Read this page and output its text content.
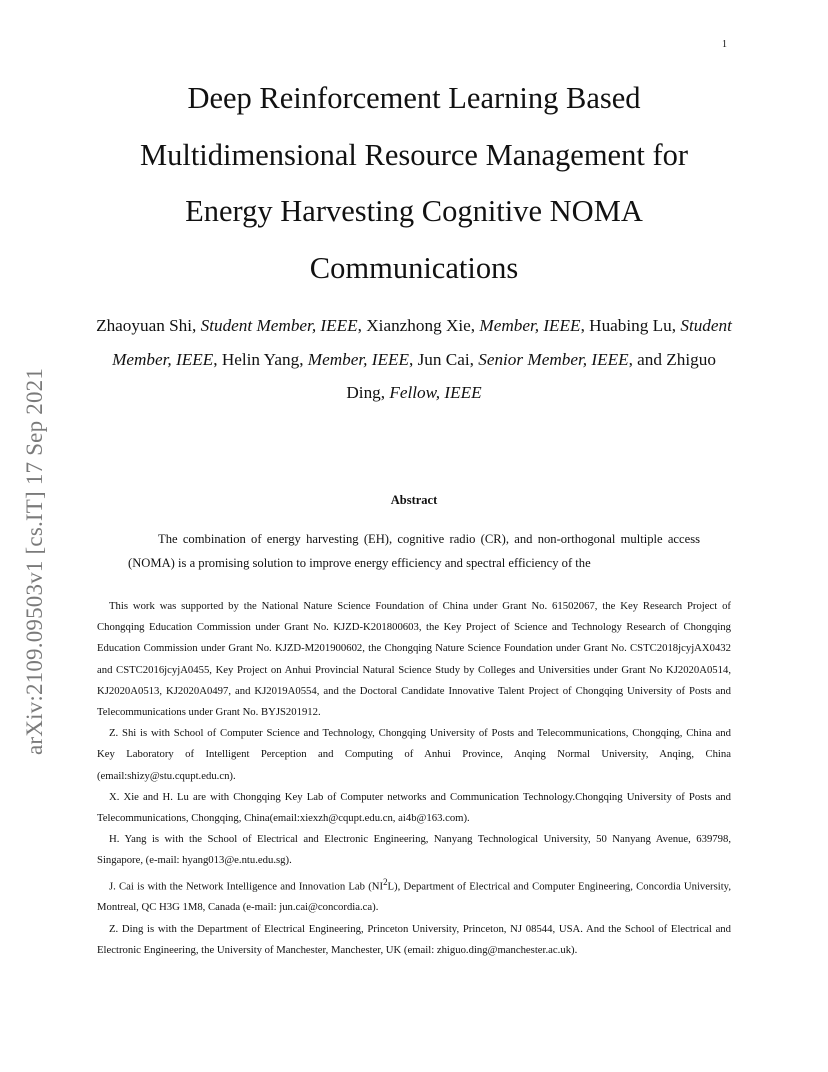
1
arXiv:2109.09503v1 [cs.IT] 17 Sep 2021
Deep Reinforcement Learning Based
Multidimensional Resource Management for
Energy Harvesting Cognitive NOMA
Communications
Zhaoyuan Shi, Student Member, IEEE, Xianzhong Xie, Member, IEEE, Huabing Lu, Student Member, IEEE, Helin Yang, Member, IEEE, Jun Cai, Senior Member, IEEE, and Zhiguo Ding, Fellow, IEEE
Abstract
The combination of energy harvesting (EH), cognitive radio (CR), and non-orthogonal multiple access (NOMA) is a promising solution to improve energy efficiency and spectral efficiency of the

This work was supported by the National Nature Science Foundation of China under Grant No. 61502067, the Key Research Project of Chongqing Education Commission under Grant No. KJZD-K201800603, the Key Project of Science and Technology Research of Chongqing Education Commission under Grant No. KJZD-M201900602, the Chongqing Nature Science Foundation under Grant No. CSTC2018jcyjAX0432 and CSTC2016jcyjA0455, Key Project on Anhui Provincial Natural Science Study by Colleges and Universities under Grant No KJ2020A0514, KJ2020A0513, KJ2020A0497, and KJ2019A0554, and the Doctoral Candidate Innovative Talent Project of Chongqing University of Posts and Telecommunications under Grant No. BYJS201912.

Z. Shi is with School of Computer Science and Technology, Chongqing University of Posts and Telecommunications, Chongqing, China and Key Laboratory of Intelligent Perception and Computing of Anhui Province, Anqing Normal University, Anqing, China (email:shizy@stu.cqupt.edu.cn).

X. Xie and H. Lu are with Chongqing Key Lab of Computer networks and Communication Technology.Chongqing University of Posts and Telecommunications, Chongqing, China(email:xiexzh@cqupt.edu.cn, ai4b@163.com).

H. Yang is with the School of Electrical and Electronic Engineering, Nanyang Technological University, 50 Nanyang Avenue, 639798, Singapore, (e-mail: hyang013@e.ntu.edu.sg).

J. Cai is with the Network Intelligence and Innovation Lab $(NI^2L)$, Department of Electrical and Computer Engineering, Concordia University, Montreal, QC H3G 1M8, Canada (e-mail: jun.cai@concordia.ca).

Z. Ding is with the Department of Electrical Engineering, Princeton University, Princeton, NJ 08544, USA. And the School of Electrical and Electronic Engineering, the University of Manchester, Manchester, UK (email: zhiguo.ding@manchester.ac.uk).
